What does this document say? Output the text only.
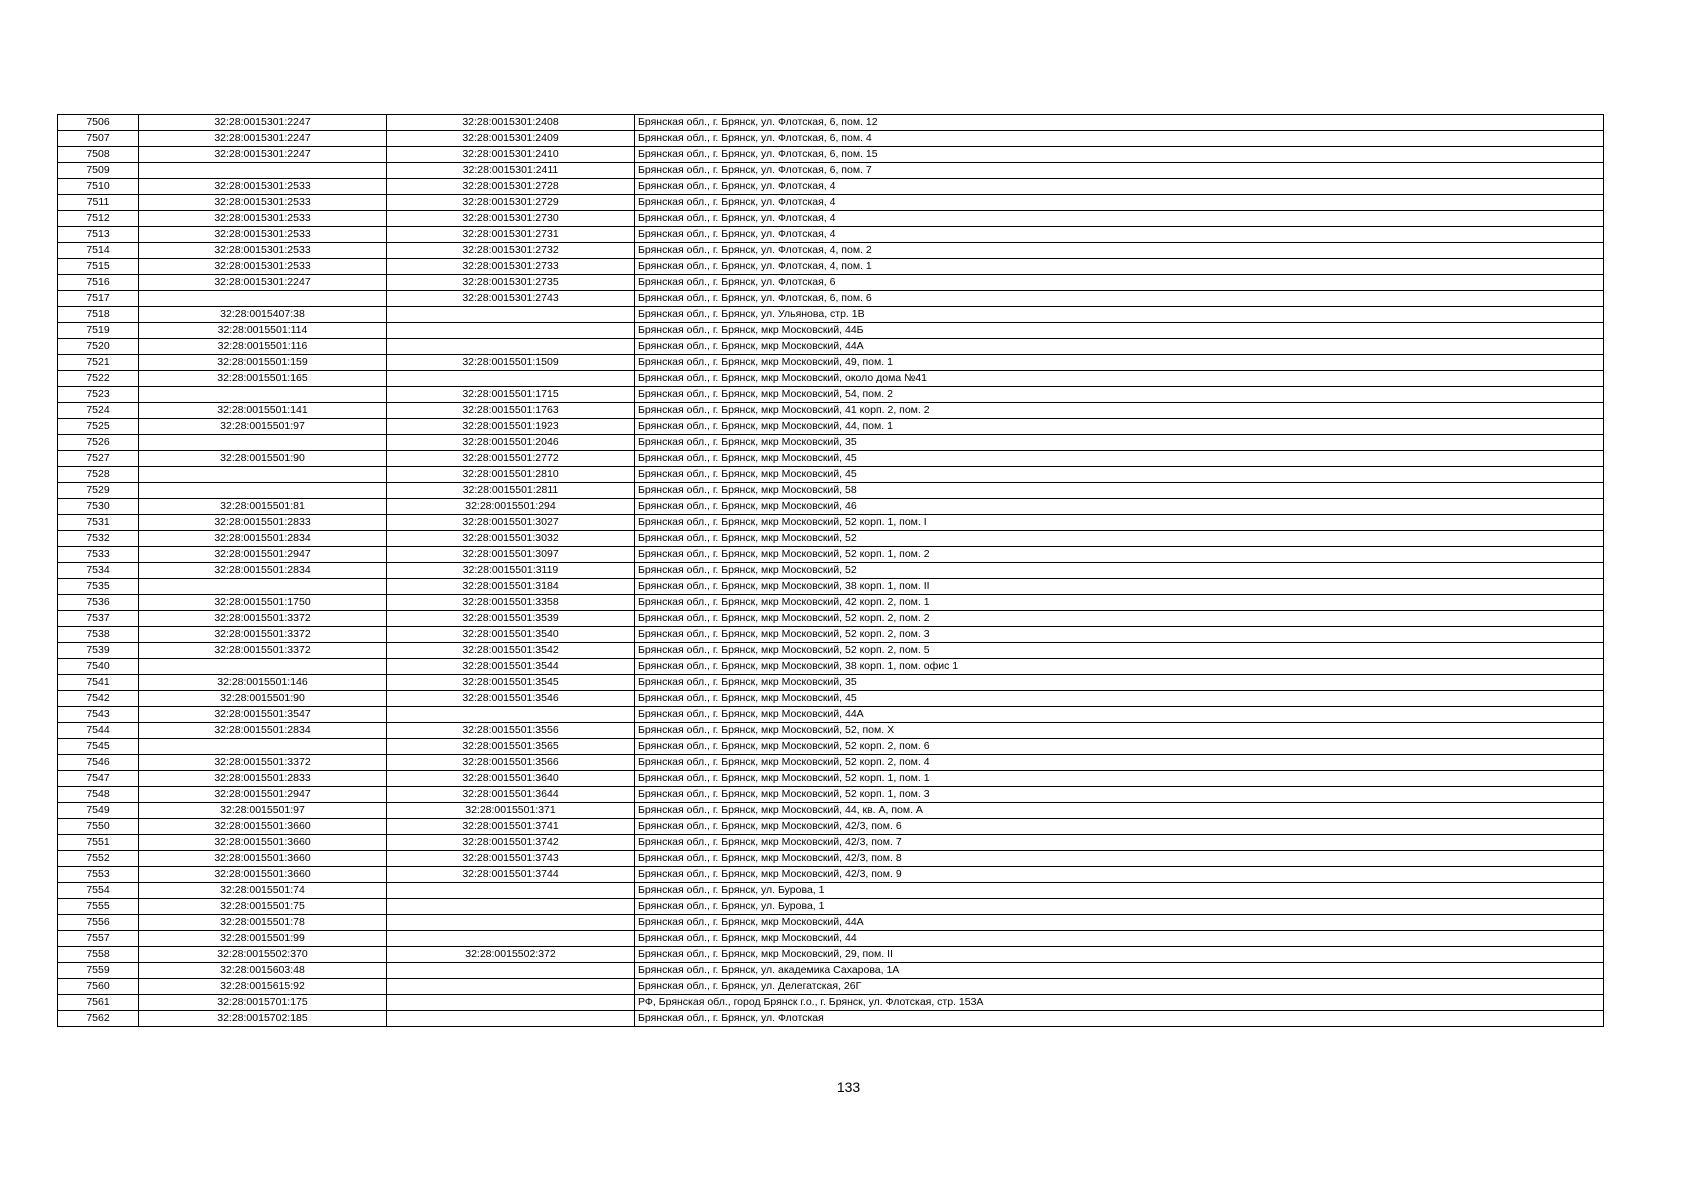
7506	32:28:0015301:2247	32:28:0015301:2408	Брянская обл., г. Брянск, ул. Флотская, 6, пом. 12
7507	32:28:0015301:2247	32:28:0015301:2409	Брянская обл., г. Брянск, ул. Флотская, 6, пом. 4
7508	32:28:0015301:2247	32:28:0015301:2410	Брянская обл., г. Брянск, ул. Флотская, 6, пом. 15
7509		32:28:0015301:2411	Брянская обл., г. Брянск, ул. Флотская, 6, пом. 7
7510	32:28:0015301:2533	32:28:0015301:2728	Брянская обл., г. Брянск, ул. Флотская, 4
7511	32:28:0015301:2533	32:28:0015301:2729	Брянская обл., г. Брянск, ул. Флотская, 4
7512	32:28:0015301:2533	32:28:0015301:2730	Брянская обл., г. Брянск, ул. Флотская, 4
7513	32:28:0015301:2533	32:28:0015301:2731	Брянская обл., г. Брянск, ул. Флотская, 4
7514	32:28:0015301:2533	32:28:0015301:2732	Брянская обл., г. Брянск, ул. Флотская, 4, пом. 2
7515	32:28:0015301:2533	32:28:0015301:2733	Брянская обл., г. Брянск, ул. Флотская, 4, пом. 1
7516	32:28:0015301:2247	32:28:0015301:2735	Брянская обл., г. Брянск, ул. Флотская, 6
7517		32:28:0015301:2743	Брянская обл., г. Брянск, ул. Флотская, 6, пом. 6
7518	32:28:0015407:38		Брянская обл., г. Брянск, ул. Ульянова, стр. 1В
7519	32:28:0015501:114		Брянская обл., г. Брянск, мкр Московский, 44Б
7520	32:28:0015501:116		Брянская обл., г. Брянск, мкр Московский, 44А
7521	32:28:0015501:159	32:28:0015501:1509	Брянская обл., г. Брянск, мкр Московский, 49, пом. 1
7522	32:28:0015501:165		Брянская обл., г. Брянск, мкр Московский, около дома №41
7523		32:28:0015501:1715	Брянская обл., г. Брянск, мкр Московский, 54, пом. 2
7524	32:28:0015501:141	32:28:0015501:1763	Брянская обл., г. Брянск, мкр Московский, 41 корп. 2, пом. 2
7525	32:28:0015501:97	32:28:0015501:1923	Брянская обл., г. Брянск, мкр Московский, 44, пом. 1
7526		32:28:0015501:2046	Брянская обл., г. Брянск, мкр Московский, 35
7527	32:28:0015501:90	32:28:0015501:2772	Брянская обл., г. Брянск, мкр Московский, 45
7528		32:28:0015501:2810	Брянская обл., г. Брянск, мкр Московский, 45
7529		32:28:0015501:2811	Брянская обл., г. Брянск, мкр Московский, 58
7530	32:28:0015501:81	32:28:0015501:294	Брянская обл., г. Брянск, мкр Московский, 46
7531	32:28:0015501:2833	32:28:0015501:3027	Брянская обл., г. Брянск, мкр Московский, 52 корп. 1, пом. I
7532	32:28:0015501:2834	32:28:0015501:3032	Брянская обл., г. Брянск, мкр Московский, 52
7533	32:28:0015501:2947	32:28:0015501:3097	Брянская обл., г. Брянск, мкр Московский, 52 корп. 1, пом. 2
7534	32:28:0015501:2834	32:28:0015501:3119	Брянская обл., г. Брянск, мкр Московский, 52
7535		32:28:0015501:3184	Брянская обл., г. Брянск, мкр Московский, 38 корп. 1, пом. II
7536	32:28:0015501:1750	32:28:0015501:3358	Брянская обл., г. Брянск, мкр Московский, 42 корп. 2, пом. 1
7537	32:28:0015501:3372	32:28:0015501:3539	Брянская обл., г. Брянск, мкр Московский, 52 корп. 2, пом. 2
7538	32:28:0015501:3372	32:28:0015501:3540	Брянская обл., г. Брянск, мкр Московский, 52 корп. 2, пом. 3
7539	32:28:0015501:3372	32:28:0015501:3542	Брянская обл., г. Брянск, мкр Московский, 52 корп. 2, пом. 5
7540		32:28:0015501:3544	Брянская обл., г. Брянск, мкр Московский, 38 корп. 1, пом. офис 1
7541	32:28:0015501:146	32:28:0015501:3545	Брянская обл., г. Брянск, мкр Московский, 35
7542	32:28:0015501:90	32:28:0015501:3546	Брянская обл., г. Брянск, мкр Московский, 45
7543	32:28:0015501:3547		Брянская обл., г. Брянск, мкр Московский, 44А
7544	32:28:0015501:2834	32:28:0015501:3556	Брянская обл., г. Брянск, мкр Московский, 52, пом. X
7545		32:28:0015501:3565	Брянская обл., г. Брянск, мкр Московский, 52 корп. 2, пом. 6
7546	32:28:0015501:3372	32:28:0015501:3566	Брянская обл., г. Брянск, мкр Московский, 52 корп. 2, пом. 4
7547	32:28:0015501:2833	32:28:0015501:3640	Брянская обл., г. Брянск, мкр Московский, 52 корп. 1, пом. 1
7548	32:28:0015501:2947	32:28:0015501:3644	Брянская обл., г. Брянск, мкр Московский, 52 корп. 1, пом. 3
7549	32:28:0015501:97	32:28:0015501:371	Брянская обл., г. Брянск, мкр Московский, 44, кв. А, пом. А
7550	32:28:0015501:3660	32:28:0015501:3741	Брянская обл., г. Брянск, мкр Московский, 42/3, пом. 6
7551	32:28:0015501:3660	32:28:0015501:3742	Брянская обл., г. Брянск, мкр Московский, 42/3, пом. 7
7552	32:28:0015501:3660	32:28:0015501:3743	Брянская обл., г. Брянск, мкр Московский, 42/3, пом. 8
7553	32:28:0015501:3660	32:28:0015501:3744	Брянская обл., г. Брянск, мкр Московский, 42/3, пом. 9
7554	32:28:0015501:74		Брянская обл., г. Брянск, ул. Бурова, 1
7555	32:28:0015501:75		Брянская обл., г. Брянск, ул. Бурова, 1
7556	32:28:0015501:78		Брянская обл., г. Брянск, мкр Московский, 44А
7557	32:28:0015501:99		Брянская обл., г. Брянск, мкр Московский, 44
7558	32:28:0015502:370	32:28:0015502:372	Брянская обл., г. Брянск, мкр Московский, 29, пом. II
7559	32:28:0015603:48		Брянская обл., г. Брянск, ул. академика Сахарова, 1А
7560	32:28:0015615:92		Брянская обл., г. Брянск, ул. Делегатская, 26Г
7561	32:28:0015701:175		РФ, Брянская обл., город Брянск г.о., г. Брянск, ул. Флотская, стр. 153А
7562	32:28:0015702:185		Брянская обл., г. Брянск, ул. Флотская
133
